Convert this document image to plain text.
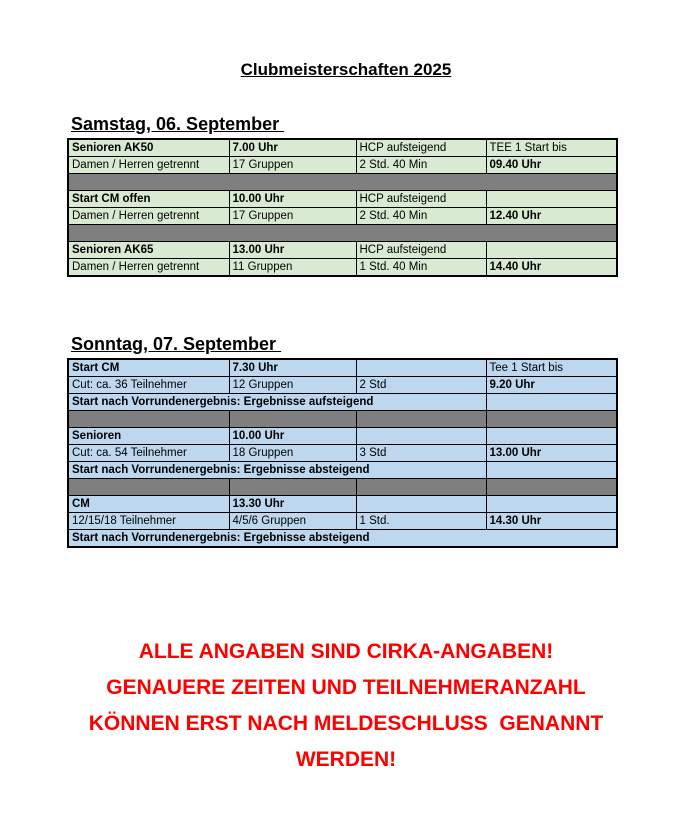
Clubmeisterschaften 2025
Samstag, 06. September
Senioren AK50	7.00 Uhr	HCP aufsteigend	TEE 1 Start bis
Damen / Herren getrennt	17 Gruppen	2 Std. 40 Min	09.40 Uhr

Start CM offen	10.00 Uhr	HCP aufsteigend	
Damen / Herren getrennt	17 Gruppen	2 Std. 40 Min	12.40 Uhr

Senioren AK65	13.00 Uhr	HCP aufsteigend	
Damen / Herren getrennt	11 Gruppen	1 Std. 40 Min	14.40 Uhr
Sonntag, 07. September
Start CM	7.30 Uhr		Tee 1 Start bis
Cut: ca. 36 Teilnehmer	12 Gruppen	2 Std	9.20 Uhr
Start nach Vorrundenergebnis: Ergebnisse aufsteigend			

Senioren	10.00 Uhr		
Cut: ca. 54 Teilnehmer	18 Gruppen	3 Std	13.00 Uhr
Start nach Vorrundenergebnis: Ergebnisse absteigend			

CM	13.30 Uhr		
12/15/18 Teilnehmer	4/5/6 Gruppen	1 Std.	14.30 Uhr
Start nach Vorrundenergebnis: Ergebnisse absteigend			
ALLE ANGABEN SIND CIRKA-ANGABEN!
GENAUERE ZEITEN UND TEILNEHMERANZAHL
KÖNNEN ERST NACH MELDESCHLUSS  GENANNT
WERDEN!
